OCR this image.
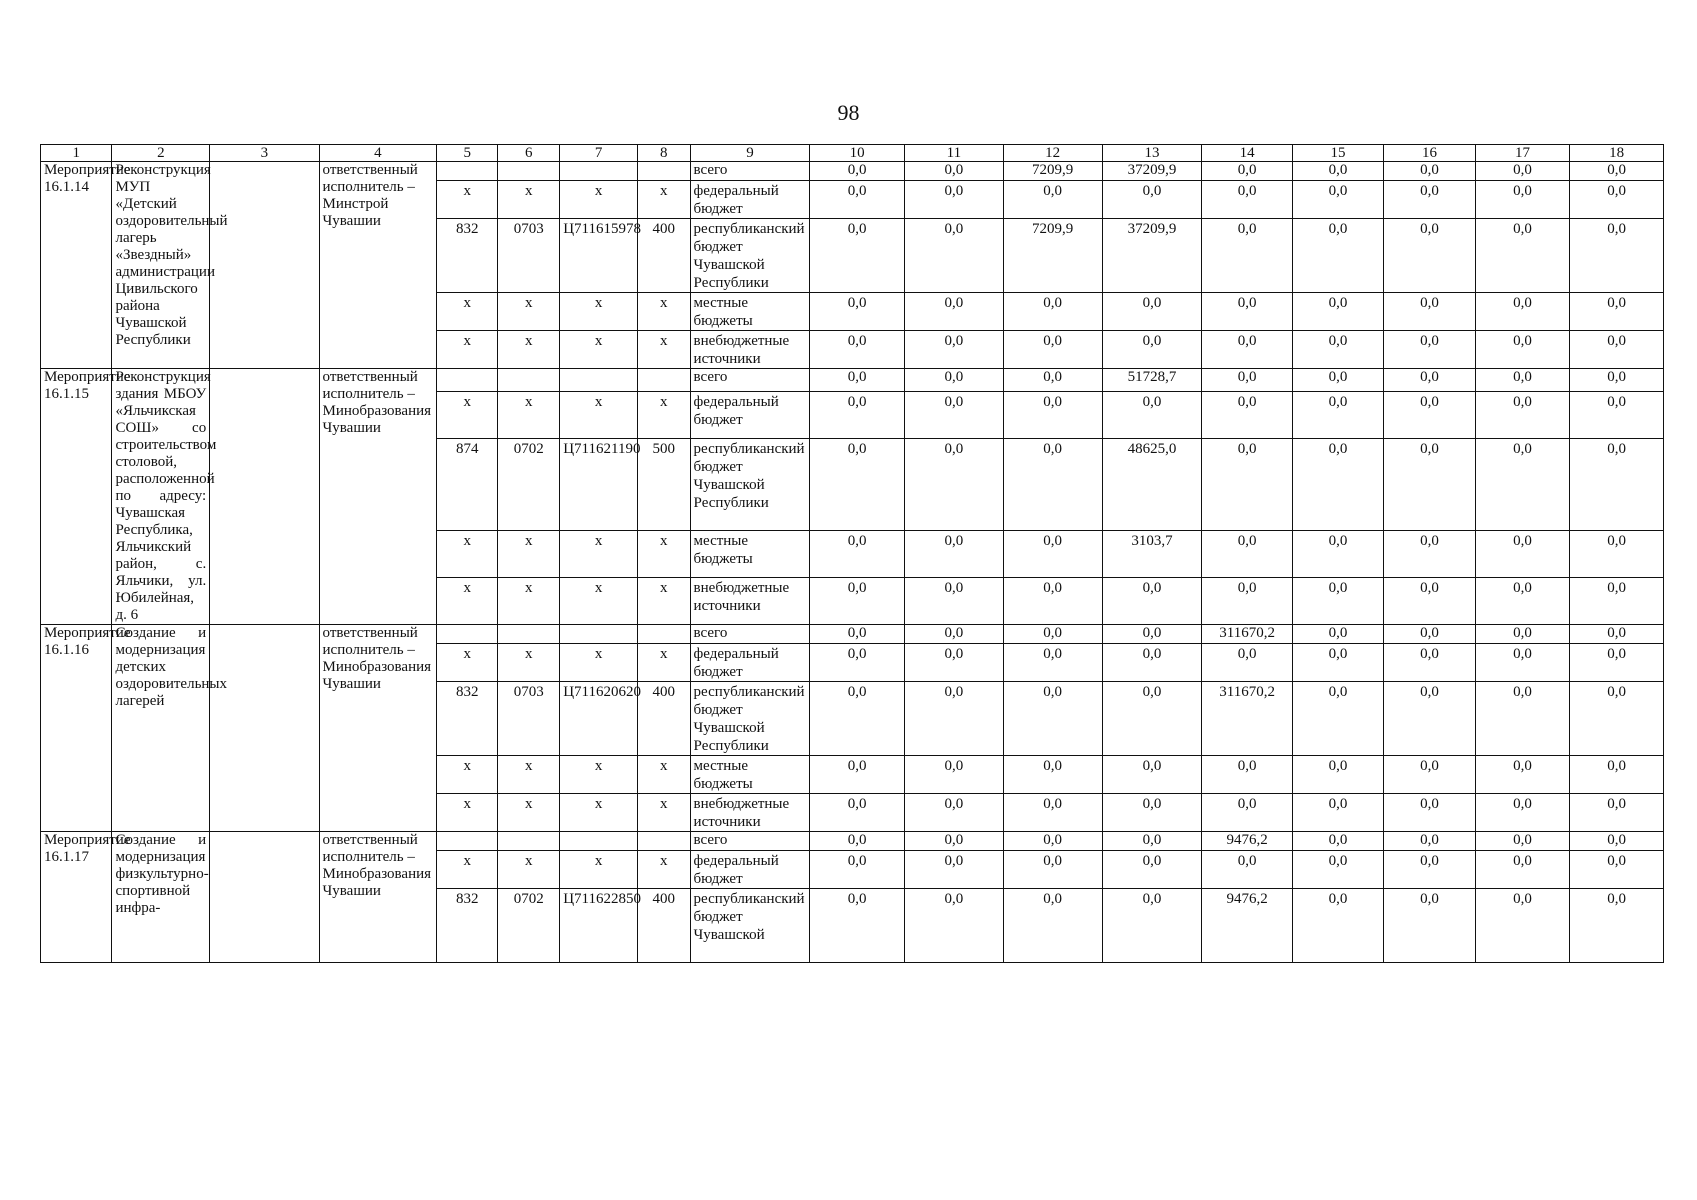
98
1	2	3	4	5	6	7	8	9	10	11	12	13	14	15	16	17	18
Мероприятие 16.1.14	Реконструкция МУП «Детский оздоровительный лагерь «Звездный» администрации Цивильского района Чувашской Республики		ответственный исполнитель – Минстрой Чувашии					всего	0,0	0,0	7209,9	37209,9	0,0	0,0	0,0	0,0	0,0
				x	x	x	x	федеральный бюджет	0,0	0,0	0,0	0,0	0,0	0,0	0,0	0,0	0,0
				832	0703	Ц711615978	400	республиканский бюджет Чувашской Республики	0,0	0,0	7209,9	37209,9	0,0	0,0	0,0	0,0	0,0
				x	x	x	x	местные бюджеты	0,0	0,0	0,0	0,0	0,0	0,0	0,0	0,0	0,0
				x	x	x	x	внебюджетные источники	0,0	0,0	0,0	0,0	0,0	0,0	0,0	0,0	0,0
Мероприятие 16.1.15	Реконструкция здания МБОУ «Яльчикская СОШ» со строительством столовой, расположенной по адресу: Чувашская Республика, Яльчикский район, с. Яльчики, ул. Юбилейная, д. 6		ответственный исполнитель – Минобразования Чувашии					всего	0,0	0,0	0,0	51728,7	0,0	0,0	0,0	0,0	0,0
				x	x	x	x	федеральный бюджет	0,0	0,0	0,0	0,0	0,0	0,0	0,0	0,0	0,0
				874	0702	Ц711621190	500	республиканский бюджет Чувашской Республики	0,0	0,0	0,0	48625,0	0,0	0,0	0,0	0,0	0,0
				x	x	x	x	местные бюджеты	0,0	0,0	0,0	3103,7	0,0	0,0	0,0	0,0	0,0
				x	x	x	x	внебюджетные источники	0,0	0,0	0,0	0,0	0,0	0,0	0,0	0,0	0,0
Мероприятие 16.1.16	Создание и модернизация детских оздоровительных лагерей		ответственный исполнитель – Минобразования Чувашии					всего	0,0	0,0	0,0	0,0	311670,2	0,0	0,0	0,0	0,0
				x	x	x	x	федеральный бюджет	0,0	0,0	0,0	0,0	0,0	0,0	0,0	0,0	0,0
				832	0703	Ц711620620	400	республиканский бюджет Чувашской Республики	0,0	0,0	0,0	0,0	311670,2	0,0	0,0	0,0	0,0
				x	x	x	x	местные бюджеты	0,0	0,0	0,0	0,0	0,0	0,0	0,0	0,0	0,0
				x	x	x	x	внебюджетные источники	0,0	0,0	0,0	0,0	0,0	0,0	0,0	0,0	0,0
Мероприятие 16.1.17	Создание и модернизация физкультурно-спортивной инфра-		ответственный исполнитель – Минобразования Чувашии					всего	0,0	0,0	0,0	0,0	9476,2	0,0	0,0	0,0	0,0
				x	x	x	x	федеральный бюджет	0,0	0,0	0,0	0,0	0,0	0,0	0,0	0,0	0,0
				832	0702	Ц711622850	400	республиканский бюджет Чувашской	0,0	0,0	0,0	0,0	9476,2	0,0	0,0	0,0	0,0
